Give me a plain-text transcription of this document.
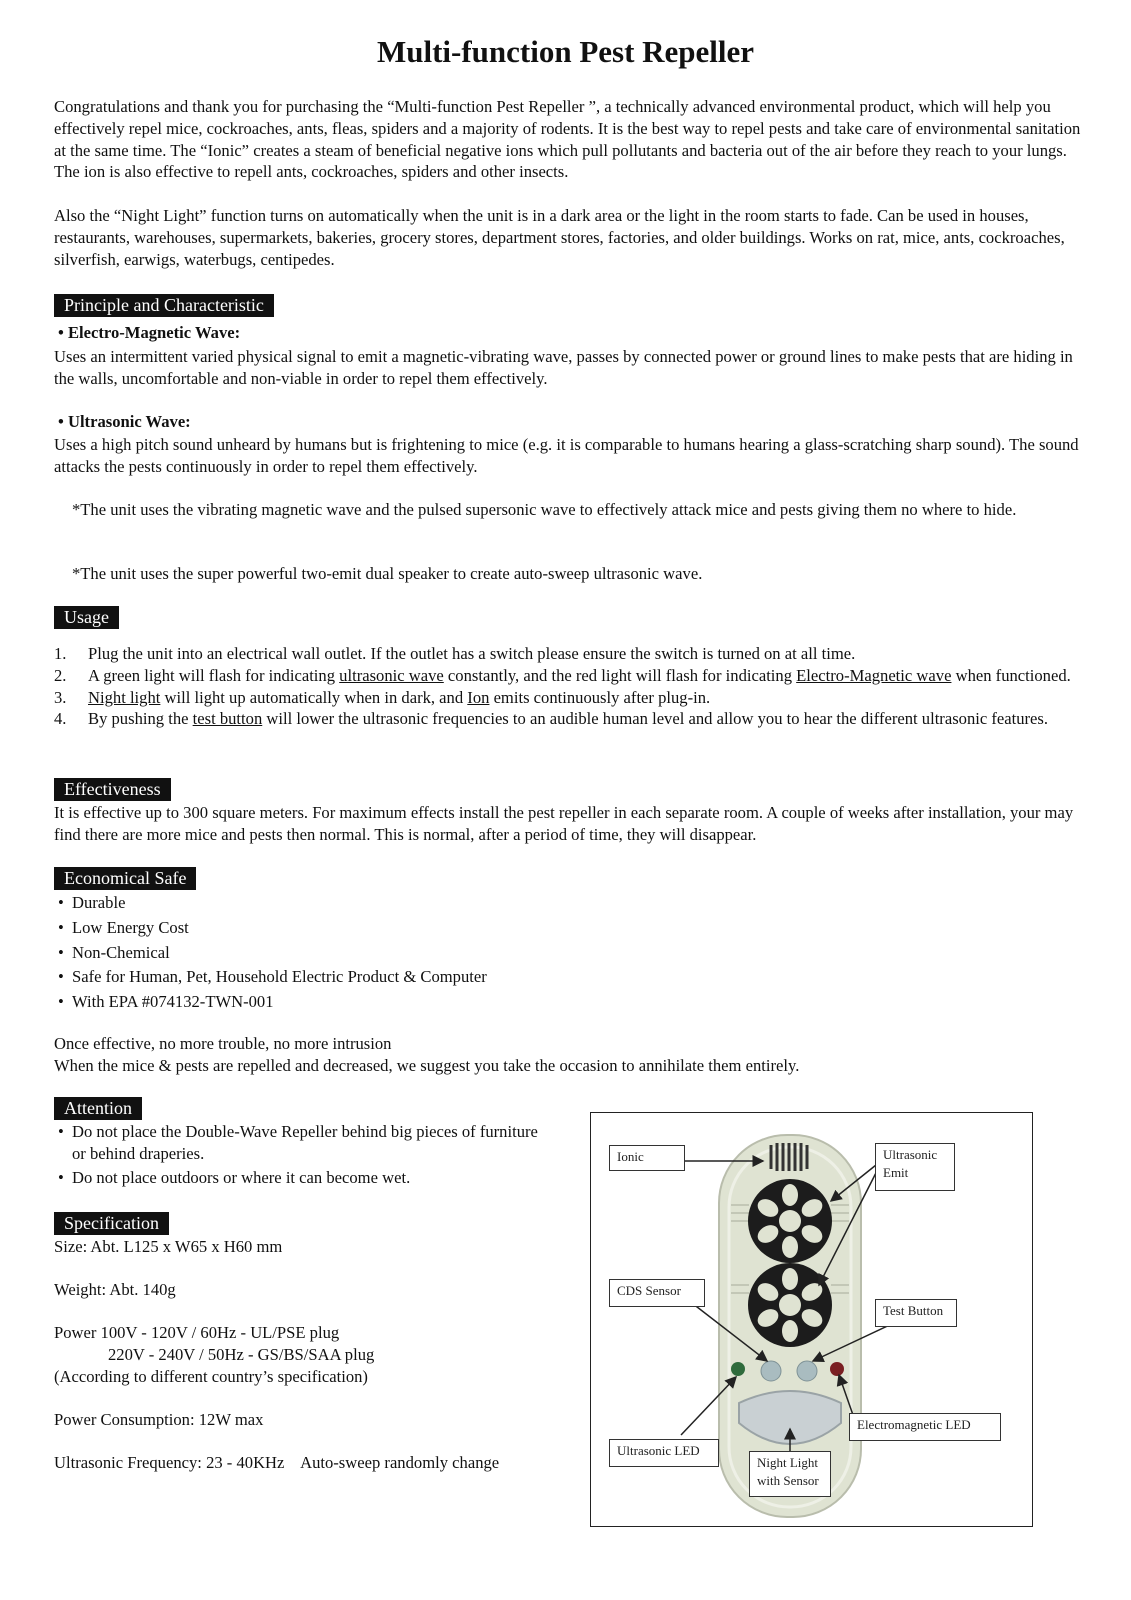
Multi-function Pest Repeller

Congratulations and thank you for purchasing the “Multi-function Pest Repeller ”, a technically advanced environmental product, which will help you effectively repel mice, cockroaches, ants, fleas, spiders and a majority of rodents. It is the best way to repel pests and take care of environmental sanitation at the same time. The “Ionic” creates a steam of beneficial negative ions which pull pollutants and bacteria out of the air before they reach to your lungs. The ion is also effective to repell ants, cockroaches, spiders and other insects.

Also the “Night Light” function turns on automatically when the unit is in a dark area or the light in the room starts to fade. Can be used in houses, restaurants, warehouses, supermarkets, bakeries, grocery stores, department stores, factories, and older buildings. Works on rat, mice, ants, cockroaches, silverfish, earwigs, waterbugs, centipedes.

Principle and Characteristic
• Electro-Magnetic Wave:

Uses an intermittent varied physical signal to emit a magnetic-vibrating wave, passes by connected power or ground lines to make pests that are hiding in the walls, uncomfortable and non-viable in order to repel them effectively.

• Ultrasonic Wave:

Uses a high pitch sound unheard by humans but is frightening to mice (e.g. it is comparable to humans hearing a glass-scratching sharp sound). The sound attacks the pests continuously in order to repel them effectively.

*The unit uses the vibrating magnetic wave and the pulsed supersonic wave to effectively attack mice and pests giving them no where to hide.

*The unit uses the super powerful two-emit dual speaker to create auto-sweep ultrasonic wave.

Usage
1. Plug the unit into an electrical wall outlet. If the outlet has a switch please ensure the switch is turned on at all time.
2. A green light will flash for indicating ultrasonic wave constantly, and the red light will flash for indicating Electro-Magnetic wave when functioned.
3. Night light will light up automatically when in dark, and Ion emits continuously after plug-in.
4. By pushing the test button will lower the ultrasonic frequencies to an audible human level and allow you to hear the different ultrasonic features.
Effectiveness

It is effective up to 300 square meters. For maximum effects install the pest repeller in each separate room. A couple of weeks after installation, your may find there are more mice and pests then normal. This is normal, after a period of time, they will disappear.

Economical Safe
• Durable
• Low Energy Cost
• Non-Chemical
• Safe for Human, Pet, Household Electric Product & Computer
• With EPA #074132-TWN-001

Once effective, no more trouble, no more intrusion

When the mice & pests are repelled and decreased, we suggest you take the occasion to annihilate them entirely.

Attention
• Do not place the Double-Wave Repeller behind big pieces of furniture or behind draperies.
• Do not place outdoors or where it can become wet.
Specification
Size: Abt. L125 x W65 x H60 mm
Weight: Abt. 140g
Power 100V - 120V / 60Hz - UL/PSE plug
220V - 240V / 50Hz - GS/BS/SAA plug
(According to different country’s specification)
Power Consumption: 12W max
Ultrasonic Frequency: 23 - 40KHz    Auto-sweep randomly change
Ionic	Ultrasonic
Emit
CDS Sensor
Test Button
Electromagnetic LED
Ultrasonic LED
Night Light
with Sensor
